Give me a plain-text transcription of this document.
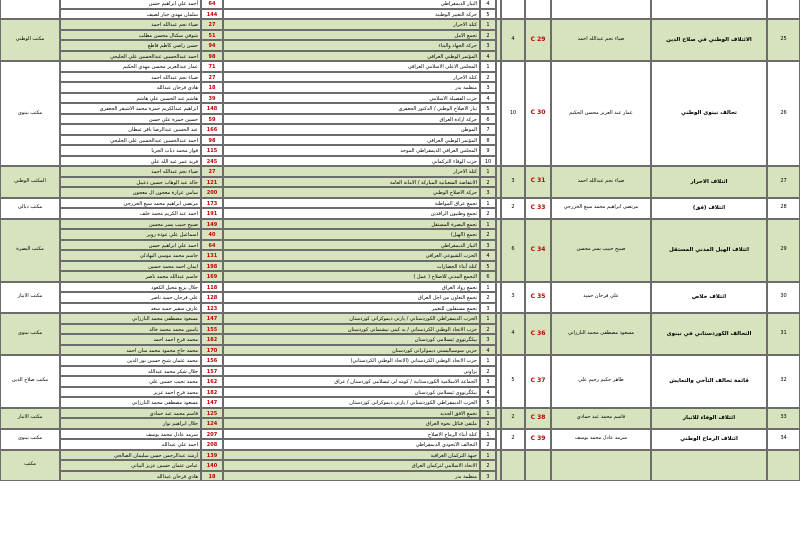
أحمد علي ابراهيم حسن	64	التيار الديمقراطي	4
سلمان مهدي جبار لصيف	144	حركة التغيير الوطنية	5
ضياء نجم عبدالله احمد	27	كتلة الاحرار	1
شوقي سكنال محسن مطلب	51	تجمع الامل	2
حسن راضي كاظم قاطع	94	حركة الجهاد والبناء	3
احمد عبدالحسين عبدالحسين علي الجليحي	98	المؤتمر الوطني العراقي	4
مكتب الوطني	4	C 29	ضياء نجم عبدالله احمد	الائتلاف الوطني في صلاح الدين	25
عمار عبدالعزيز محسن مهدي الحكيم	71	المجلس الاعلى الاسلامي العراقي	1
ضياء نجم عبدالله احمد	27	كتلة الاحرار	2
هادي فرحان عبدالله	18	منظمة بدر	3
هاشم عبد الحسين علي هاشم	39	حزب الفضيلة الاسلامي	4
ابراهيم عبدالكريم حمزة محمد الاشيقر الجعفري	148	تيار الاصلاح الوطني / الدكتور الجعفري	5
حسين حمزة علي حسن	59	حركة ارادة العراق	6
عبد الحسين عبدالرضا باقر عبطان	166	الموطن	7
احمد عبدالحسين عبدالحسين علي الجليحي	98	المؤتمر الوطني العراقي	8
فواز محمد ذياب الجربا	115	المجلس العراقي الديمقراطي الموحد	9
فريد عمر عبد الله علي	245	حزب الوفاء التركماني	10
مكتب نينوى	10	C 30	عمار عبد العزيز محسن الحكيم	تحالف نينوى الوطني	26
ضياء نجم عبدالله احمد	27	كتلة الاحرار	1
خالد عبد الوهاب حسين دعيبل	121	الانتفاضة الشعبانية المباركة / الامانة العامة	2
سامي عزارة معجون ال معجون	200	حركة الاصلاح الوطني	3
المكتب الوطني	3	C 31	ضياء نجم عبدالله احمد	ائتلاف الاحرار	27
مرتضى ابراهيم محمد سبع الخزرجي	173	تجمع عراق المواطنة	1
احمد عبد الكريم محمد خلف	191	تجمع وطنيون الرافدين	2
مكتب ديالى	2	C 33	مرتضى ابراهيم محمد سبع الخزرجي	ائتلاف (فق)	28
صبيح حبيب يسر محسن	149	تجمع البصرة المستقل	1
اسماعيل علي عودة زوير	40	تجمع (الهيل)	2
احمد علي ابراهيم حسن	64	التيار الديمقراطي	3
جاسم محمد موسى البهادلي	131	الحزب الشيوعي العراقي	4
ايمان احمد محمد حسين	198	كتلة أبناء الحضارات	5
جاسم عبدالله محمد ناصر	169	التجمع المدني للاصلاح ( عمل )	6
مكتب البصرة	6	C 34	صبيح حبيب يسر محسن	ائتلاف الهيل المدني المستقل	29
جلال يزيع محيل الكعود	118	تجمع رواد العراق	1
علي فرحان حميد ناصر	128	تجمع التعاون من اجل العراق	2
عارف سفير حميد سعد	123	تجمع مستقلون للتغيير	3
مكتب الانبار	3	C 35	علي فرحان حميد	ائتلاف خلاص	30
مسعود مصطفى محمد البارزاني	147	الحزب الديمقراطي الكوردستاني / پارتی ديموكراتى كوردستان	1
ياسين محمد محمد خالد	155	حزب الاتحاد الوطني الكردستاني / يه كيتى نيشتمانى كوردستان	2
محمد فرج احمد احمد	182	بيكگرتووى ئيسلامى كوردستان	3
محمد حاج محمود محمد سان احمد	170	حزبى سوسياليستى ديموكراتى كوردستان	4
مكتب نينوى	4	C 36	مسعود مصطفى محمد البارزاني	التحالف الكوردستاني في نينوى	31
محمد عثمان شيخ حسين نور الدين	156	حزب الاتحاد الوطني الكردستاني (الاتحاد الوطني الكردستاني)	1
جلال شكر محمد عبدالله	157	بزاوتى	2
محمد نجيب حسين علي	162	الجماعة الاسلامية الكوردستانية / كومه لى ئيسلامى كوردستان / عراق	3
محمد فرج احمد عزيز	182	بيكگرتووى ئيسلامى كوردستان	4
مسعود مصطفى محمد البارزاني	147	الحزب الديمقراطي الكوردستاني / پارتی ديموكراتى كوردستان	5
مكتب صلاح الدين	5	C 37	طاهر حكيم رحيم علي	قائمة تحالف التآخي والتعايش	32
قاسم محمد عبد حمادي	125	تجمع الافق الجديد	1
جلال ابراهيم نوار	124	ملتقى قبائل نخوة العراق	2
مكتب الانبار	2	C 38	قاسم محمد عبد حمادي	ائتلاف الوفاء للانبار	33
سرمد عادل محمد يوسف	207	كتلة أبناء الرماح الاصلاح	1
احمد علي عبدالله	208	التحالف الاتحودي الديمقراطي	2
مكتب نينوى	2	C 39	سرمد عادل محمد يوسف	ائتلاف الرماح الوطني	34
أرشد عبدالرحمن حسن سليمان الصالحي	139	جبهة التركمان العراقية	1
عباس عثمان حسين عزيز البياتي	140	الاتحاد الاسلامي لتركمان العراق	2
هادي فرحان عبدالله	18	منظمة بدر	3
مكتب
